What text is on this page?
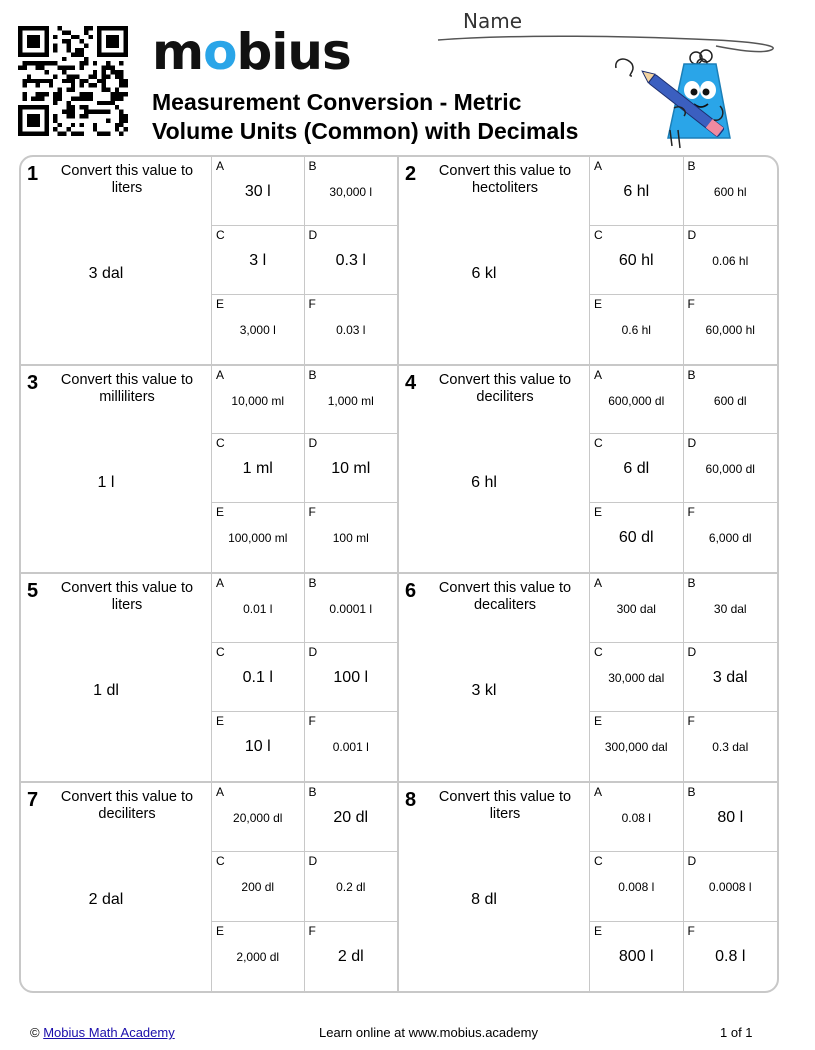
mobius
Measurement Conversion - Metric
Volume Units (Common) with Decimals
Name
1 Convert this value to liters
3 dal
A
30 l
B
30,000 l
C
3 l
D
0.3 l
E
3,000 l
F
0.03 l
2 Convert this value to hectoliters
6 kl
A
6 hl
B
600 hl
C
60 hl
D
0.06 hl
E
0.6 hl
F
60,000 hl
3 Convert this value to milliliters
1 l
A
10,000 ml
B
1,000 ml
C
1 ml
D
10 ml
E
100,000 ml
F
100 ml
4 Convert this value to deciliters
6 hl
A
600,000 dl
B
600 dl
C
6 dl
D
60,000 dl
E
60 dl
F
6,000 dl
5 Convert this value to liters
1 dl
A
0.01 l
B
0.0001 l
C
0.1 l
D
100 l
E
10 l
F
0.001 l
6 Convert this value to decaliters
3 kl
A
300 dal
B
30 dal
C
30,000 dal
D
3 dal
E
300,000 dal
F
0.3 dal
7 Convert this value to deciliters
2 dal
A
20,000 dl
B
20 dl
C
200 dl
D
0.2 dl
E
2,000 dl
F
2 dl
8 Convert this value to liters
8 dl
A
0.08 l
B
80 l
C
0.008 l
D
0.0008 l
E
800 l
F
0.8 l
© Mobius Math Academy	Learn online at www.mobius.academy	1 of 1
